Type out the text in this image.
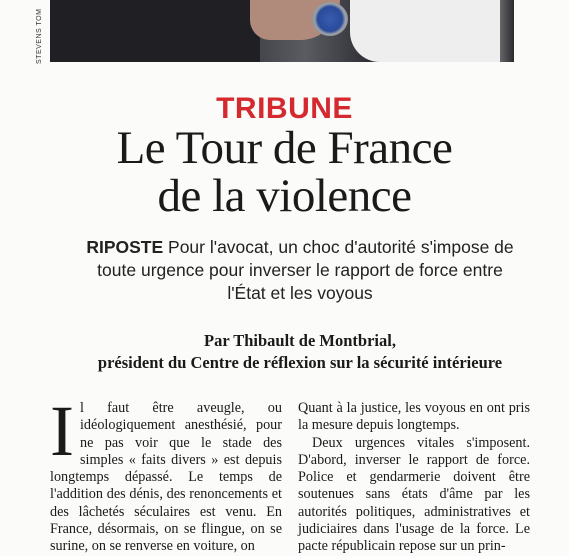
STEVENS TOM
TRIBUNE
Le Tour de France
de la violence
RIPOSTE Pour l'avocat, un choc d'autorité s'impose de toute urgence pour inverser le rapport de force entre l'État et les voyous
Par Thibault de Montbrial,
président du Centre de réflexion sur la sécurité intérieure
I l faut être aveugle, ou idéologiquement anesthésié, pour ne pas voir que le stade des simples « faits divers » est depuis longtemps dépassé. Le temps de l'addition des dénis, des renoncements et des lâchetés séculaires est venu. En France, désormais, on se flingue, on se surine, on se renverse en voiture, on

Quant à la justice, les voyous en ont pris la mesure depuis longtemps.

Deux urgences vitales s'imposent. D'abord, inverser le rapport de force. Police et gendarmerie doivent être soutenues sans états d'âme par les autorités politiques, administratives et judiciaires dans l'usage de la force. Le pacte républicain repose sur un prin-
